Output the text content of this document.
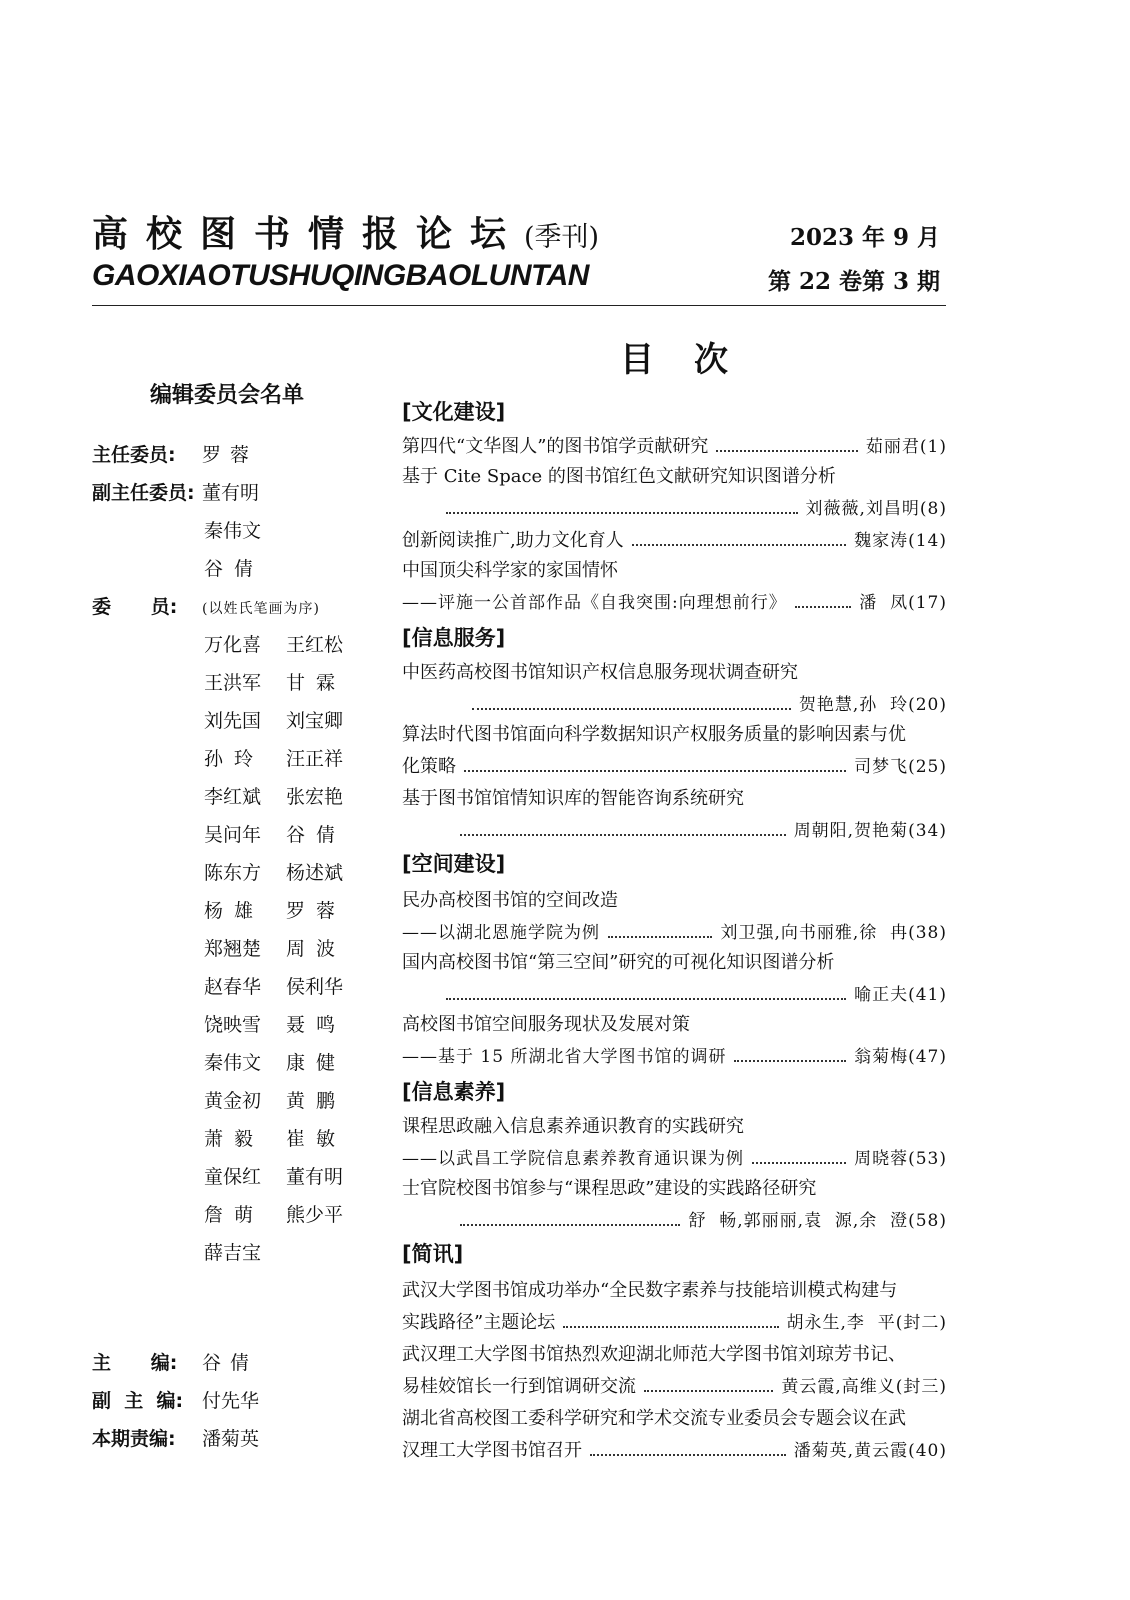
高校图书情报论坛(季刊)
GAOXIAOTUSHUQINGBAOLUNTAN
2023 年 9 月
第 22 卷第 3 期
目次
编辑委员会名单
主任委员: 罗蓉
副主任委员: 董有明
秦伟文
谷倩
委      员: (以姓氏笔画为序)
万化喜 王红松
王洪军 甘霖
刘先国 刘宝卿
孙玲 汪正祥
李红斌 张宏艳
吴问年 谷倩
陈东方 杨述斌
杨雄 罗蓉
郑翘楚 周波
赵春华 侯利华
饶映雪 聂鸣
秦伟文 康健
黄金初 黄鹏
萧毅 崔敏
童保红 董有明
詹萌 熊少平
薛吉宝
主      编: 谷倩
副  主  编: 付先华
本期责编: 潘菊英
[文化建设]
第四代“文华图人”的图书馆学贡献研究	茹丽君(1)
基于 Cite Space 的图书馆红色文献研究知识图谱分析
刘薇薇,刘昌明(8)
创新阅读推广,助力文化育人	魏家涛(14)
中国顶尖科学家的家国情怀
——评施一公首部作品《自我突围:向理想前行》	潘  凤(17)
[信息服务]
中医药高校图书馆知识产权信息服务现状调查研究
贺艳慧,孙  玲(20)
算法时代图书馆面向科学数据知识产权服务质量的影响因素与优
化策略	司梦飞(25)
基于图书馆馆情知识库的智能咨询系统研究
周朝阳,贺艳菊(34)
[空间建设]
民办高校图书馆的空间改造
——以湖北恩施学院为例	刘卫强,向书丽雅,徐  冉(38)
国内高校图书馆“第三空间”研究的可视化知识图谱分析
喻正夫(41)
高校图书馆空间服务现状及发展对策
——基于 15 所湖北省大学图书馆的调研	翁菊梅(47)
[信息素养]
课程思政融入信息素养通识教育的实践研究
——以武昌工学院信息素养教育通识课为例	周晓蓉(53)
士官院校图书馆参与“课程思政”建设的实践路径研究
舒  畅,郭丽丽,袁  源,余  澄(58)
[简讯]
武汉大学图书馆成功举办“全民数字素养与技能培训模式构建与
实践路径”主题论坛	胡永生,李  平(封二)
武汉理工大学图书馆热烈欢迎湖北师范大学图书馆刘琼芳书记、
易桂姣馆长一行到馆调研交流	黄云霞,高维义(封三)
湖北省高校图工委科学研究和学术交流专业委员会专题会议在武
汉理工大学图书馆召开	潘菊英,黄云霞(40)
